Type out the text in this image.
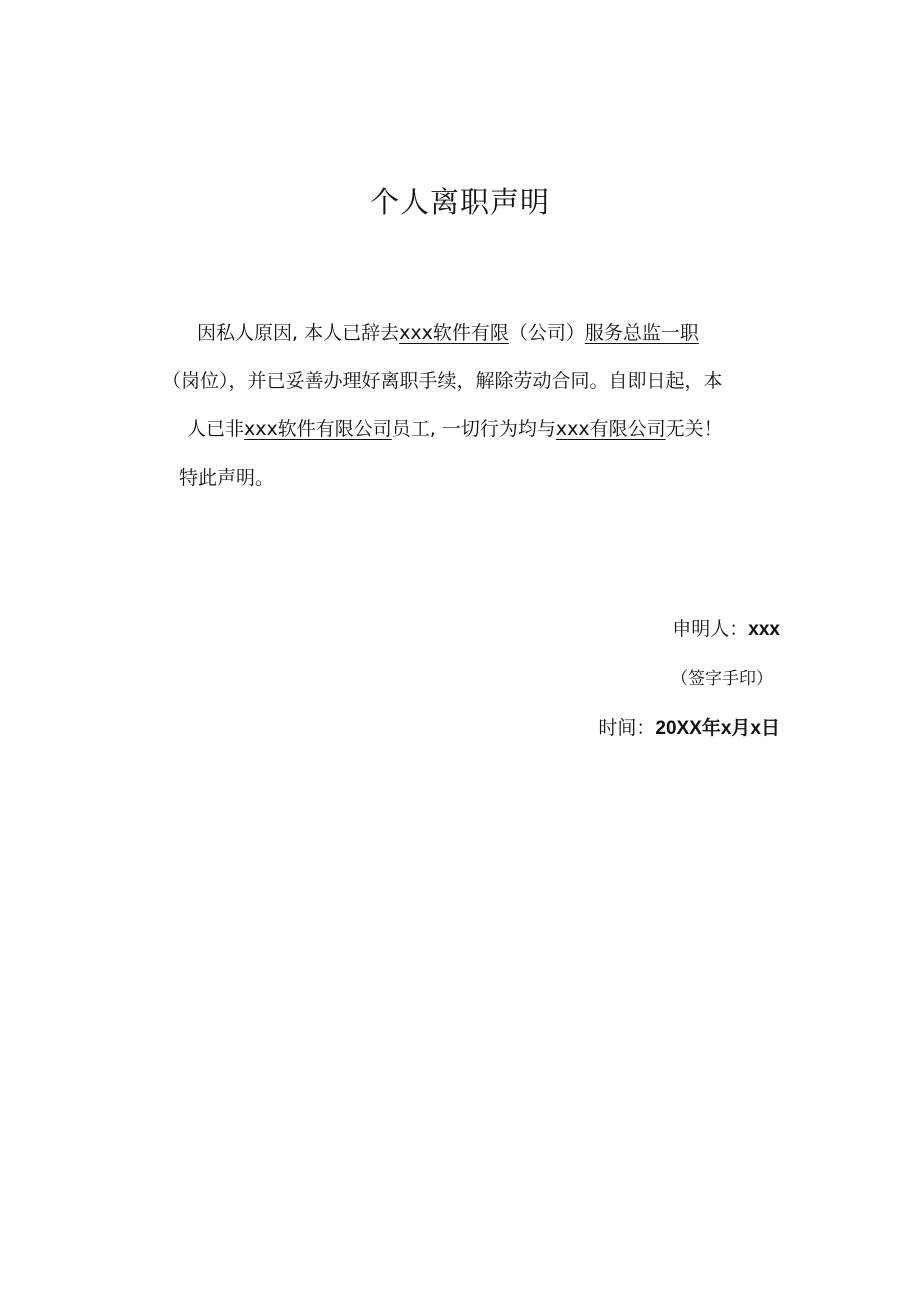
个人离职声明
因私人原因, 本人已辞去xxx软件有限（公司）服务总监一职
（岗位），并已妥善办理好离职手续，解除劳动合同。自即日起，本
人已非xxx软件有限公司员工, 一切行为均与xxx有限公司无关！
特此声明。
申明人：xxx
（签字手印）
时间：20XX年x月x日
